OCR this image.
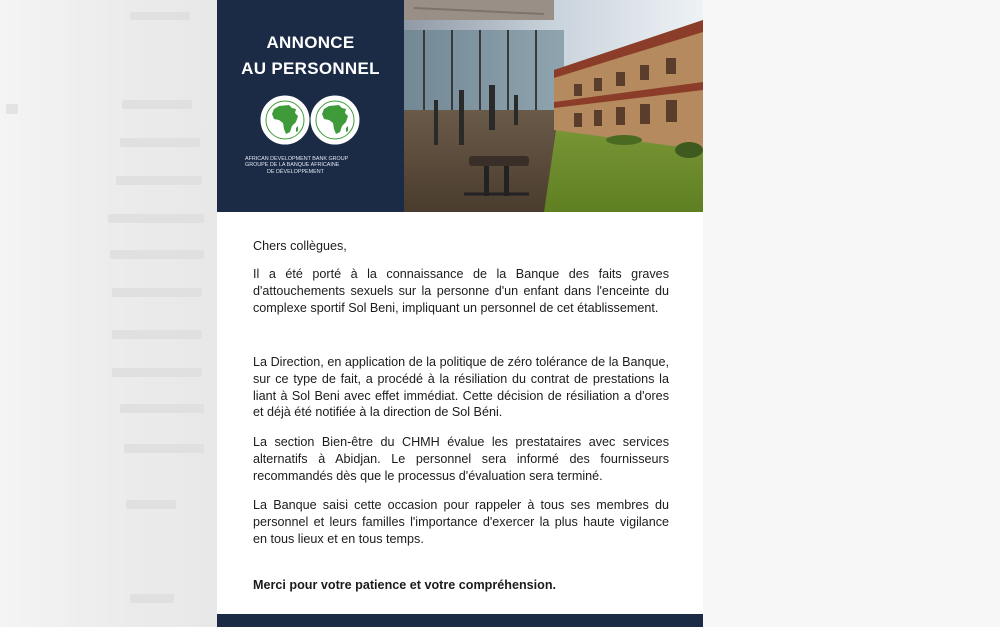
ANNONCE
AU PERSONNEL
AFRICAN DEVELOPMENT BANK GROUP
GROUPE DE LA BANQUE AFRICAINE
DE DÉVELOPPEMENT

Chers collègues,

Il a été porté à la connaissance de la Banque des faits graves d'attouchements sexuels sur la personne d'un enfant dans l'enceinte du complexe sportif Sol Beni, impliquant un personnel de cet établissement.

La Direction, en application de la politique de zéro tolérance de la Banque, sur ce type de fait, a procédé à la résiliation du contrat de prestations la liant à Sol Beni avec effet immédiat. Cette décision de résiliation a d'ores et déjà été notifiée à la direction de Sol Béni.

La section Bien-être du CHMH évalue les prestataires avec services alternatifs à Abidjan. Le personnel sera informé des fournisseurs recommandés dès que le processus d'évaluation sera terminé.

La Banque saisi cette occasion pour rappeler à tous ses membres du personnel et leurs familles l'importance d'exercer la plus haute vigilance en tous lieux et en tous temps.

Merci pour votre patience et votre compréhension.
